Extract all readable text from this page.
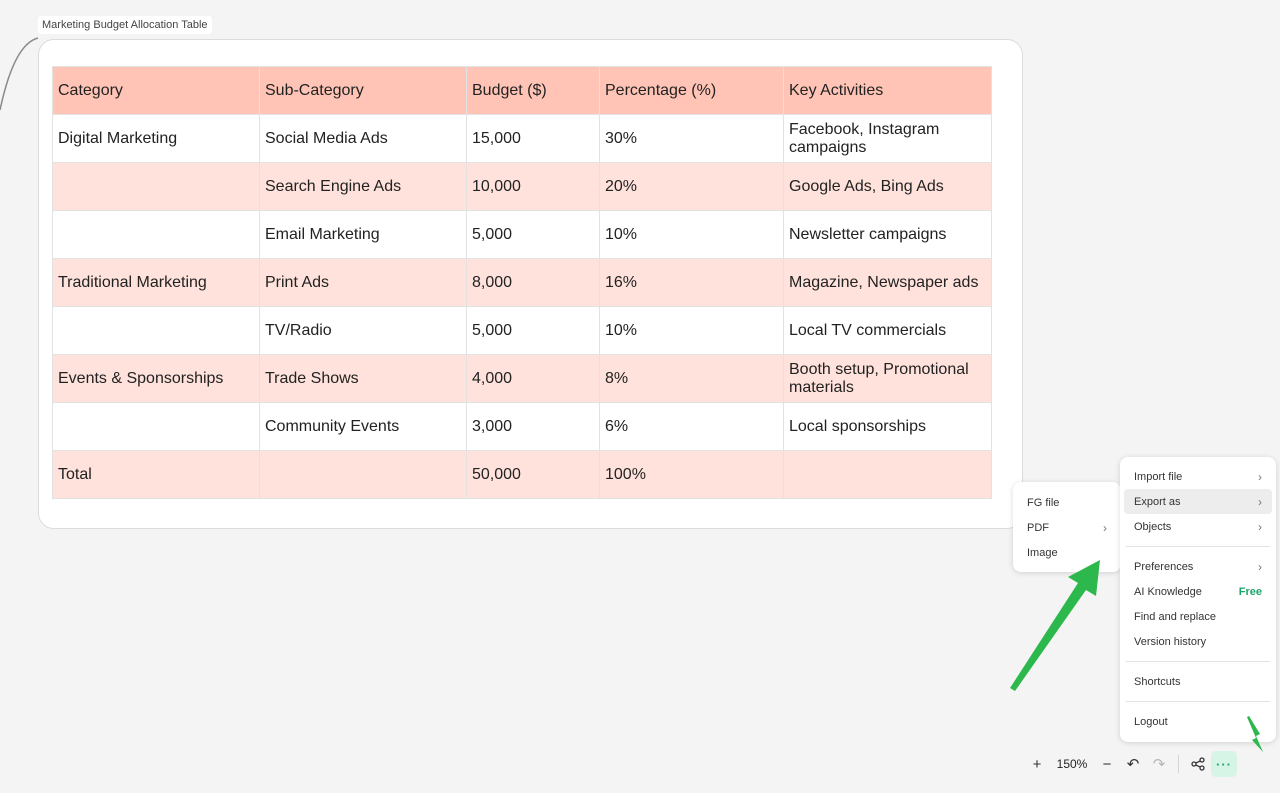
Marketing Budget Allocation Table
Category	Sub-Category	Budget ($)	Percentage (%)	Key Activities
Digital Marketing	Social Media Ads	15,000	30%	Facebook, Instagram campaigns
	Search Engine Ads	10,000	20%	Google Ads, Bing Ads
	Email Marketing	5,000	10%	Newsletter campaigns
Traditional Marketing	Print Ads	8,000	16%	Magazine, Newspaper ads
	TV/Radio	5,000	10%	Local TV commercials
Events & Sponsorships	Trade Shows	4,000	8%	Booth setup, Promotional materials
	Community Events	3,000	6%	Local sponsorships
Total		50,000	100%	
FG file
PDF	›
Image
Import file	›
Export as	›
Objects	›
Preferences	›
AI Knowledge	Free
Find and replace
Version history
Shortcuts
Logout
+	150%	− ↶ ↷	···
